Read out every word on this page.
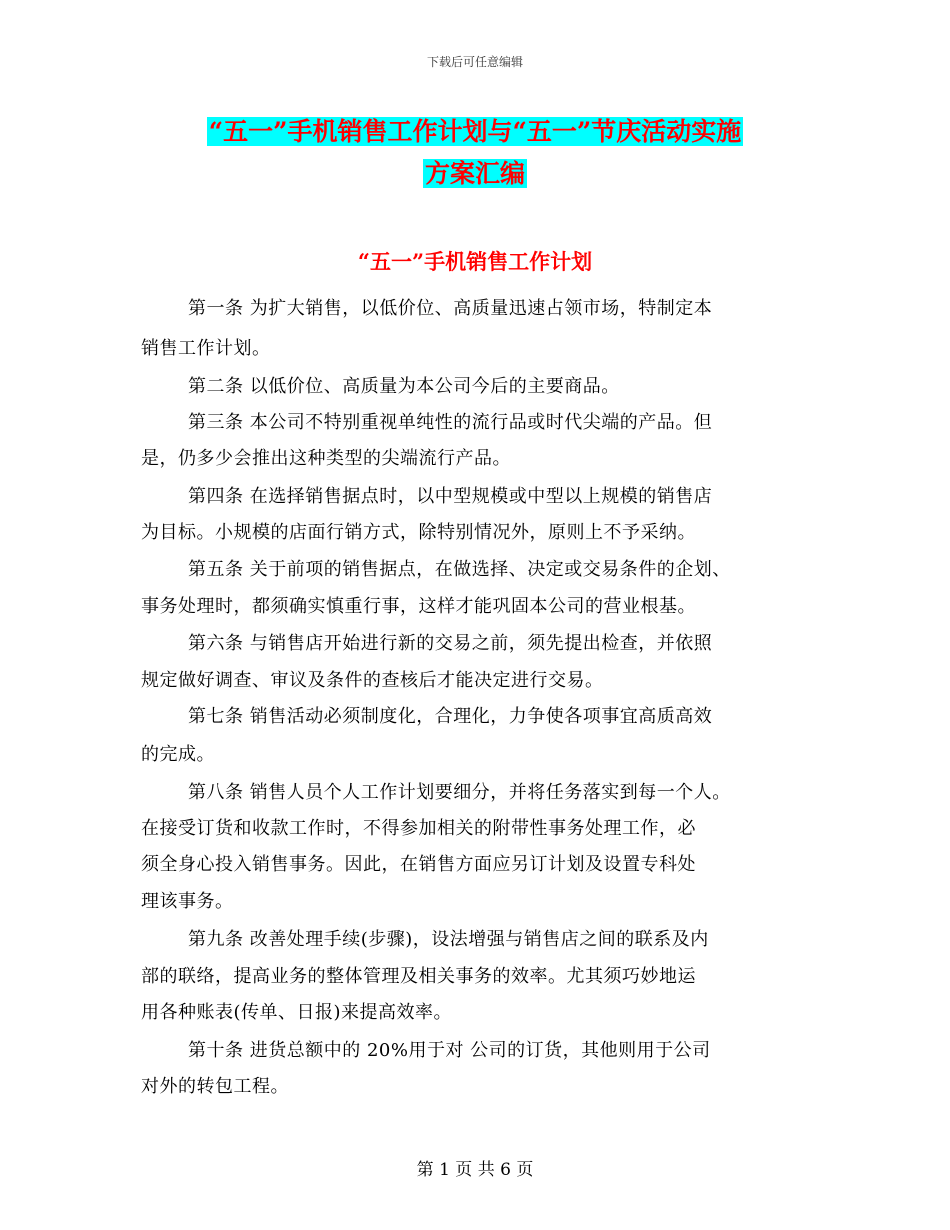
下载后可任意编辑
“五一”手机销售工作计划与“五一”节庆活动实施
方案汇编
“五一”手机销售工作计划
第一条 为扩大销售，以低价位、高质量迅速占领市场，特制定本
销售工作计划。
第二条 以低价位、高质量为本公司今后的主要商品。
第三条 本公司不特别重视单纯性的流行品或时代尖端的产品。但
是，仍多少会推出这种类型的尖端流行产品。
第四条 在选择销售据点时，以中型规模或中型以上规模的销售店
为目标。小规模的店面行销方式，除特别情况外，原则上不予采纳。
第五条 关于前项的销售据点，在做选择、决定或交易条件的企划、
事务处理时，都须确实慎重行事，这样才能巩固本公司的营业根基。
第六条 与销售店开始进行新的交易之前，须先提出检查，并依照
规定做好调查、审议及条件的查核后才能决定进行交易。
第七条 销售活动必须制度化，合理化，力争使各项事宜高质高效
的完成。
第八条 销售人员个人工作计划要细分，并将任务落实到每一个人。
在接受订货和收款工作时，不得参加相关的附带性事务处理工作，必
须全身心投入销售事务。因此，在销售方面应另订计划及设置专科处
理该事务。
第九条 改善处理手续(步骤)，设法增强与销售店之间的联系及内
部的联络，提高业务的整体管理及相关事务的效率。尤其须巧妙地运
用各种账表(传单、日报)来提高效率。
第十条 进货总额中的 20%用于对 公司的订货，其他则用于公司
对外的转包工程。
第 1 页 共 6 页
